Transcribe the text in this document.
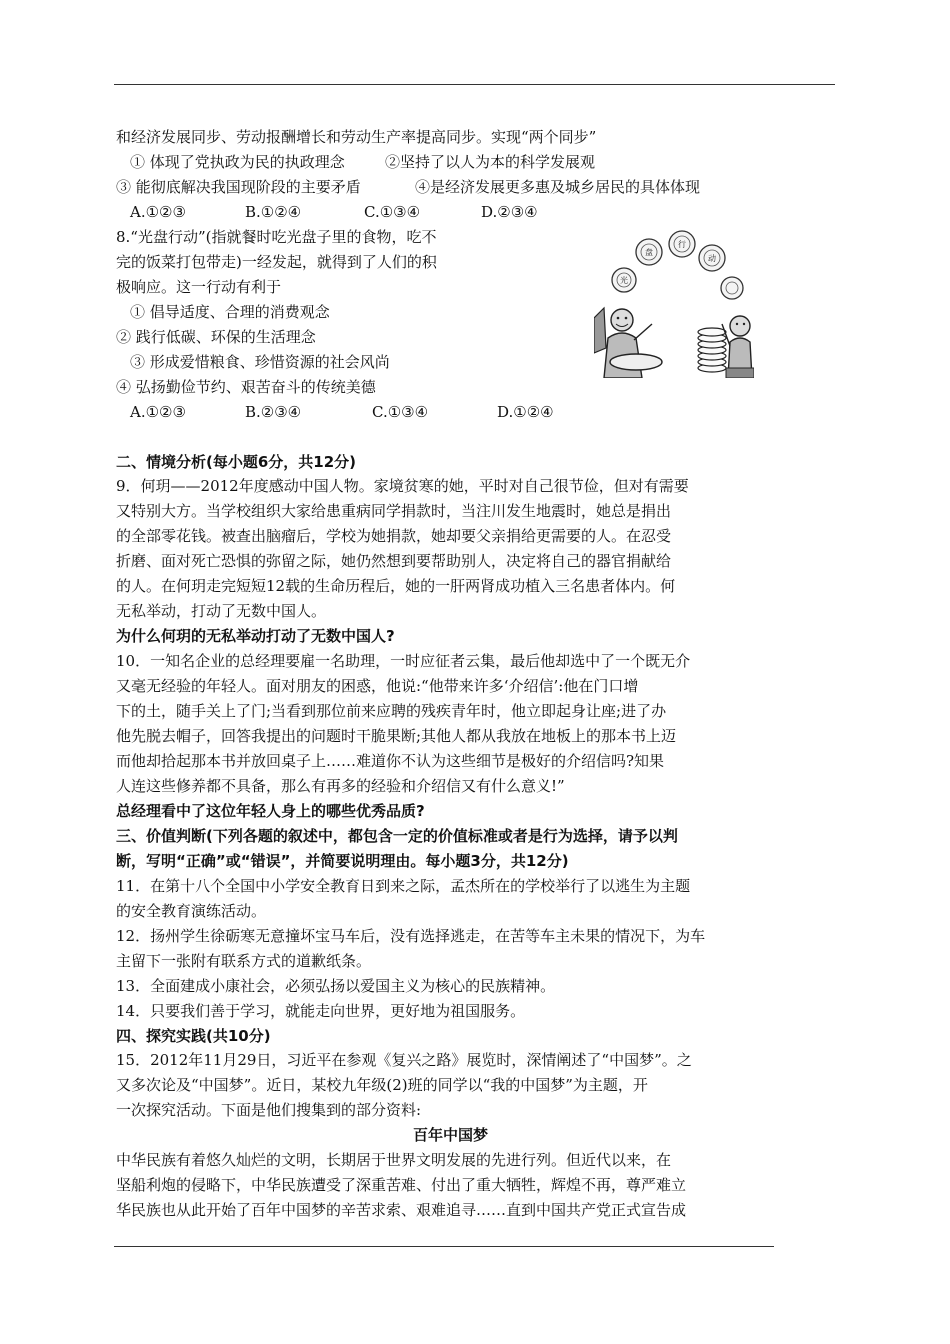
和经济发展同步、劳动报酬增长和劳动生产率提高同步。实现“两个同步”
① 体现了党执政为民的执政理念	②坚持了以人为本的科学发展观
③ 能彻底解决我国现阶段的主要矛盾	④是经济发展更多惠及城乡居民的具体体现
A.①②③	B.①②④	C.①③④	D.②③④
8.“光盘行动”(指就餐时吃光盘子里的食物，吃不
完的饭菜打包带走)一经发起，就得到了人们的积
极响应。这一行动有利于
① 倡导适度、合理的消费观念
② 践行低碳、环保的生活理念
③ 形成爱惜粮食、珍惜资源的社会风尚
④ 弘扬勤俭节约、艰苦奋斗的传统美德
A.①②③	B.②③④	C.①③④	D.①②④
光
盘
行
动
二、情境分析(每小题6分，共12分)
9．何玥——2012年度感动中国人物。家境贫寒的她，平时对自己很节俭，但对有需要
又特别大方。当学校组织大家给患重病同学捐款时，当注川发生地震时，她总是捐出
的全部零花钱。被查出脑瘤后，学校为她捐款，她却要父亲捐给更需要的人。在忍受
折磨、面对死亡恐惧的弥留之际，她仍然想到要帮助别人，决定将自己的器官捐献给
的人。在何玥走完短短12载的生命历程后，她的一肝两肾成功植入三名患者体内。何
无私举动，打动了无数中国人。
为什么何玥的无私举动打动了无数中国人?
10．一知名企业的总经理要雇一名助理，一时应征者云集，最后他却选中了一个既无介
又毫无经验的年轻人。面对朋友的困惑，他说:“他带来许多‘介绍信’:他在门口增
下的土，随手关上了门;当看到那位前来应聘的残疾青年时，他立即起身让座;进了办
他先脱去帽子，回答我提出的问题时干脆果断;其他人都从我放在地板上的那本书上迈
而他却拾起那本书并放回桌子上……难道你不认为这些细节是极好的介绍信吗?知果
人连这些修养都不具备，那么有再多的经验和介绍信又有什么意义!”
总经理看中了这位年轻人身上的哪些优秀品质?
三、价值判断(下列各题的叙述中，都包含一定的价值标准或者是行为选择，请予以判
断，写明“正确”或“错误”，并简要说明理由。每小题3分，共12分)
11．在第十八个全国中小学安全教育日到来之际，孟杰所在的学校举行了以逃生为主题
的安全教育演练活动。
12．扬州学生徐砺寒无意撞坏宝马车后，没有选择逃走，在苦等车主未果的情况下，为车
主留下一张附有联系方式的道歉纸条。
13．全面建成小康社会，必须弘扬以爱国主义为核心的民族精神。
14．只要我们善于学习，就能走向世界，更好地为祖国服务。
四、探究实践(共10分)
15．2012年11月29日，习近平在参观《复兴之路》展览时，深情阐述了“中国梦”。之
又多次论及“中国梦”。近日，某校九年级(2)班的同学以“我的中国梦”为主题，开
一次探究活动。下面是他们搜集到的部分资料:
百年中国梦
中华民族有着悠久灿烂的文明，长期居于世界文明发展的先进行列。但近代以来，在
坚船利炮的侵略下，中华民族遭受了深重苦难、付出了重大牺牲，辉煌不再，尊严难立
华民族也从此开始了百年中国梦的辛苦求索、艰难追寻……直到中国共产党正式宣告成
